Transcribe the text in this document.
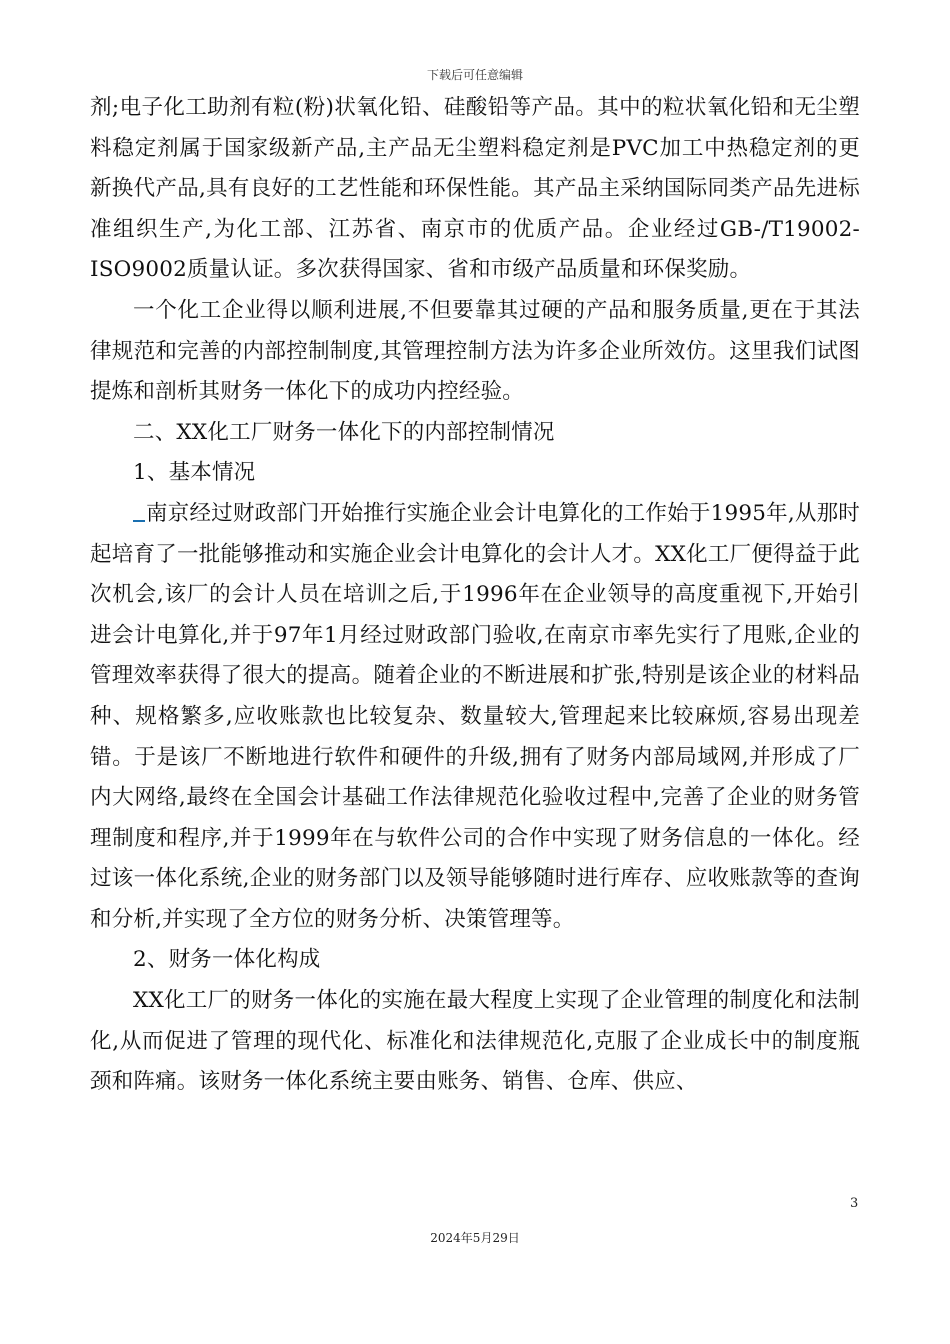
下载后可任意编辑

剂;电子化工助剂有粒(粉)状氧化铅、硅酸铅等产品。其中的粒状氧化铅和无尘塑料稳定剂属于国家级新产品,主产品无尘塑料稳定剂是PVC加工中热稳定剂的更新换代产品,具有良好的工艺性能和环保性能。其产品主采纳国际同类产品先进标准组织生产,为化工部、江苏省、南京市的优质产品。企业经过GB-/T19002-ISO9002质量认证。多次获得国家、省和市级产品质量和环保奖励。

一个化工企业得以顺利进展,不但要靠其过硬的产品和服务质量,更在于其法律规范和完善的内部控制制度,其管理控制方法为许多企业所效仿。这里我们试图提炼和剖析其财务一体化下的成功内控经验。

二、XX化工厂财务一体化下的内部控制情况

1、基本情况

南京经过财政部门开始推行实施企业会计电算化的工作始于1995年,从那时起培育了一批能够推动和实施企业会计电算化的会计人才。XX化工厂便得益于此次机会,该厂的会计人员在培训之后,于1996年在企业领导的高度重视下,开始引进会计电算化,并于97年1月经过财政部门验收,在南京市率先实行了甩账,企业的管理效率获得了很大的提高。随着企业的不断进展和扩张,特别是该企业的材料品种、规格繁多,应收账款也比较复杂、数量较大,管理起来比较麻烦,容易出现差错。于是该厂不断地进行软件和硬件的升级,拥有了财务内部局域网,并形成了厂内大网络,最终在全国会计基础工作法律规范化验收过程中,完善了企业的财务管理制度和程序,并于1999年在与软件公司的合作中实现了财务信息的一体化。经过该一体化系统,企业的财务部门以及领导能够随时进行库存、应收账款等的查询和分析,并实现了全方位的财务分析、决策管理等。

2、财务一体化构成

XX化工厂的财务一体化的实施在最大程度上实现了企业管理的制度化和法制化,从而促进了管理的现代化、标准化和法律规范化,克服了企业成长中的制度瓶颈和阵痛。该财务一体化系统主要由账务、销售、仓库、供应、

3
2024年5月29日
